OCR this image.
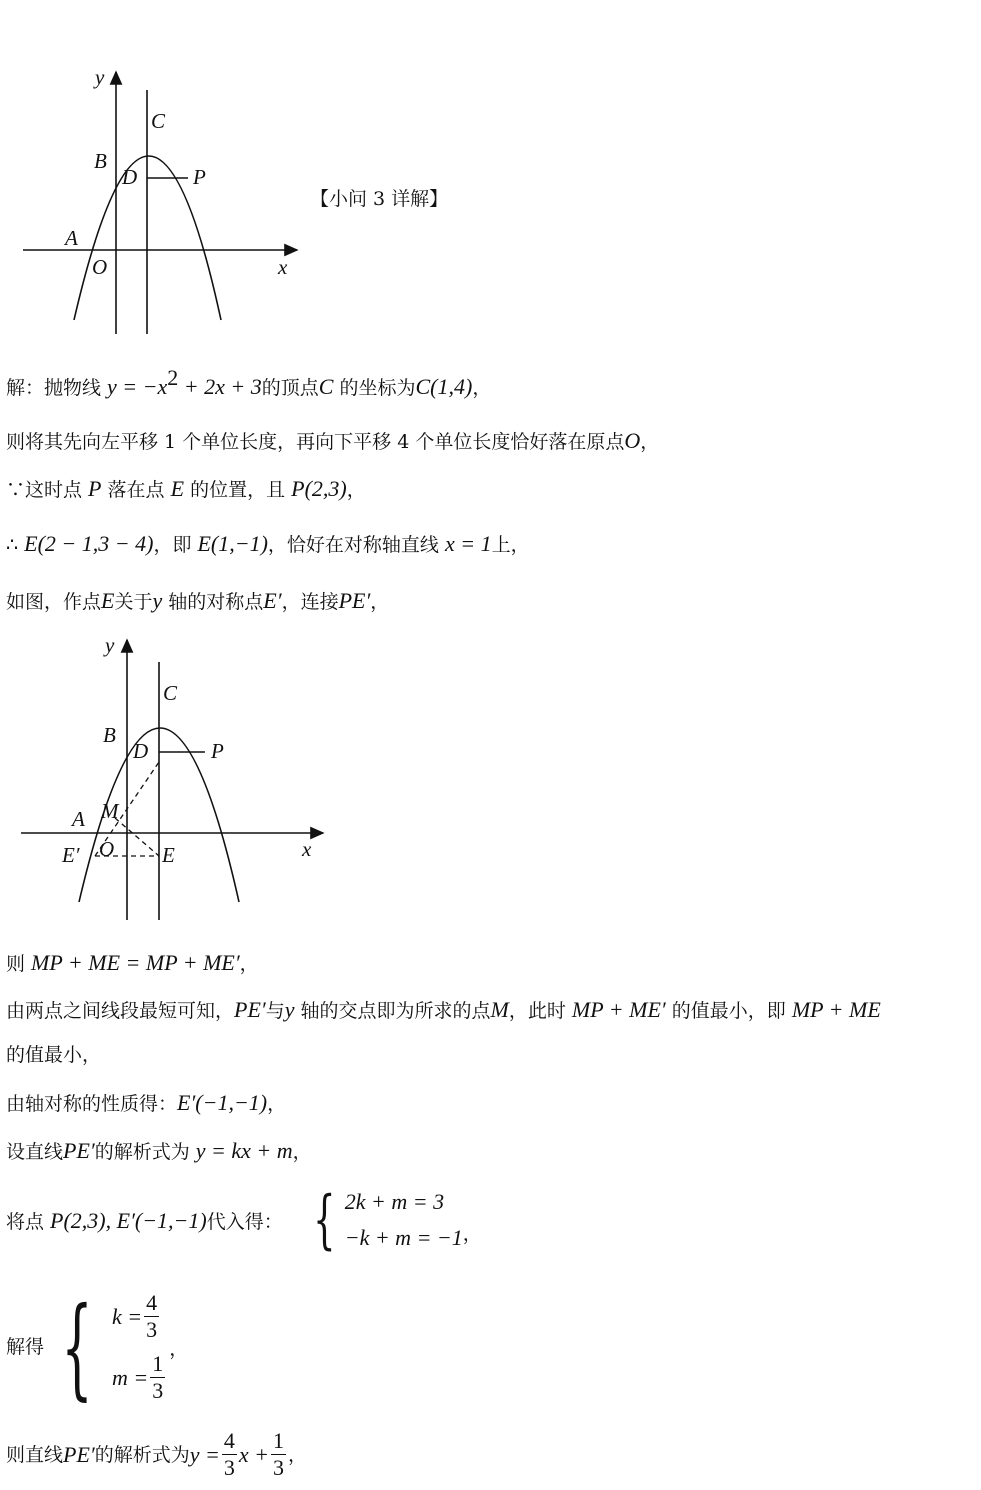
y
C
B
D	P
A
O	x
【小问 3 详解】
解：抛物线 $y = -x^2 + 2x + 3$的顶点C 的坐标为C(1,4)，
则将其先向左平移 1 个单位长度，再向下平移 4 个单位长度恰好落在原点O，
∵这时点 P 落在点 E 的位置，且 P(2,3)，
∴ E(2 − 1,3 − 4)，即 E(1,−1)，恰好在对称轴直线 x = 1上，
如图，作点E关于y 轴的对称点E′，连接PE′，
y
C
B
D	P
M
A
E′ O E	x
则 MP + ME = MP + ME′，
由两点之间线段最短可知，PE′与y 轴的交点即为所求的点M，此时 MP + ME′ 的值最小，即 MP + ME
的值最小，
由轴对称的性质得：E′(−1,−1)，
设直线PE′的解析式为 y = kx + m，
将点 P(2,3), E′(−1,−1)代入得： { 2k + m = 3
−k + m = −1 ，
解得 { $k = \frac{4}{3}$
$m = \frac{1}{3}$
，
则直线 PE′ 的解析式为 $y = \frac{4}{3}$ $x + \frac{1}{3}$ ，
